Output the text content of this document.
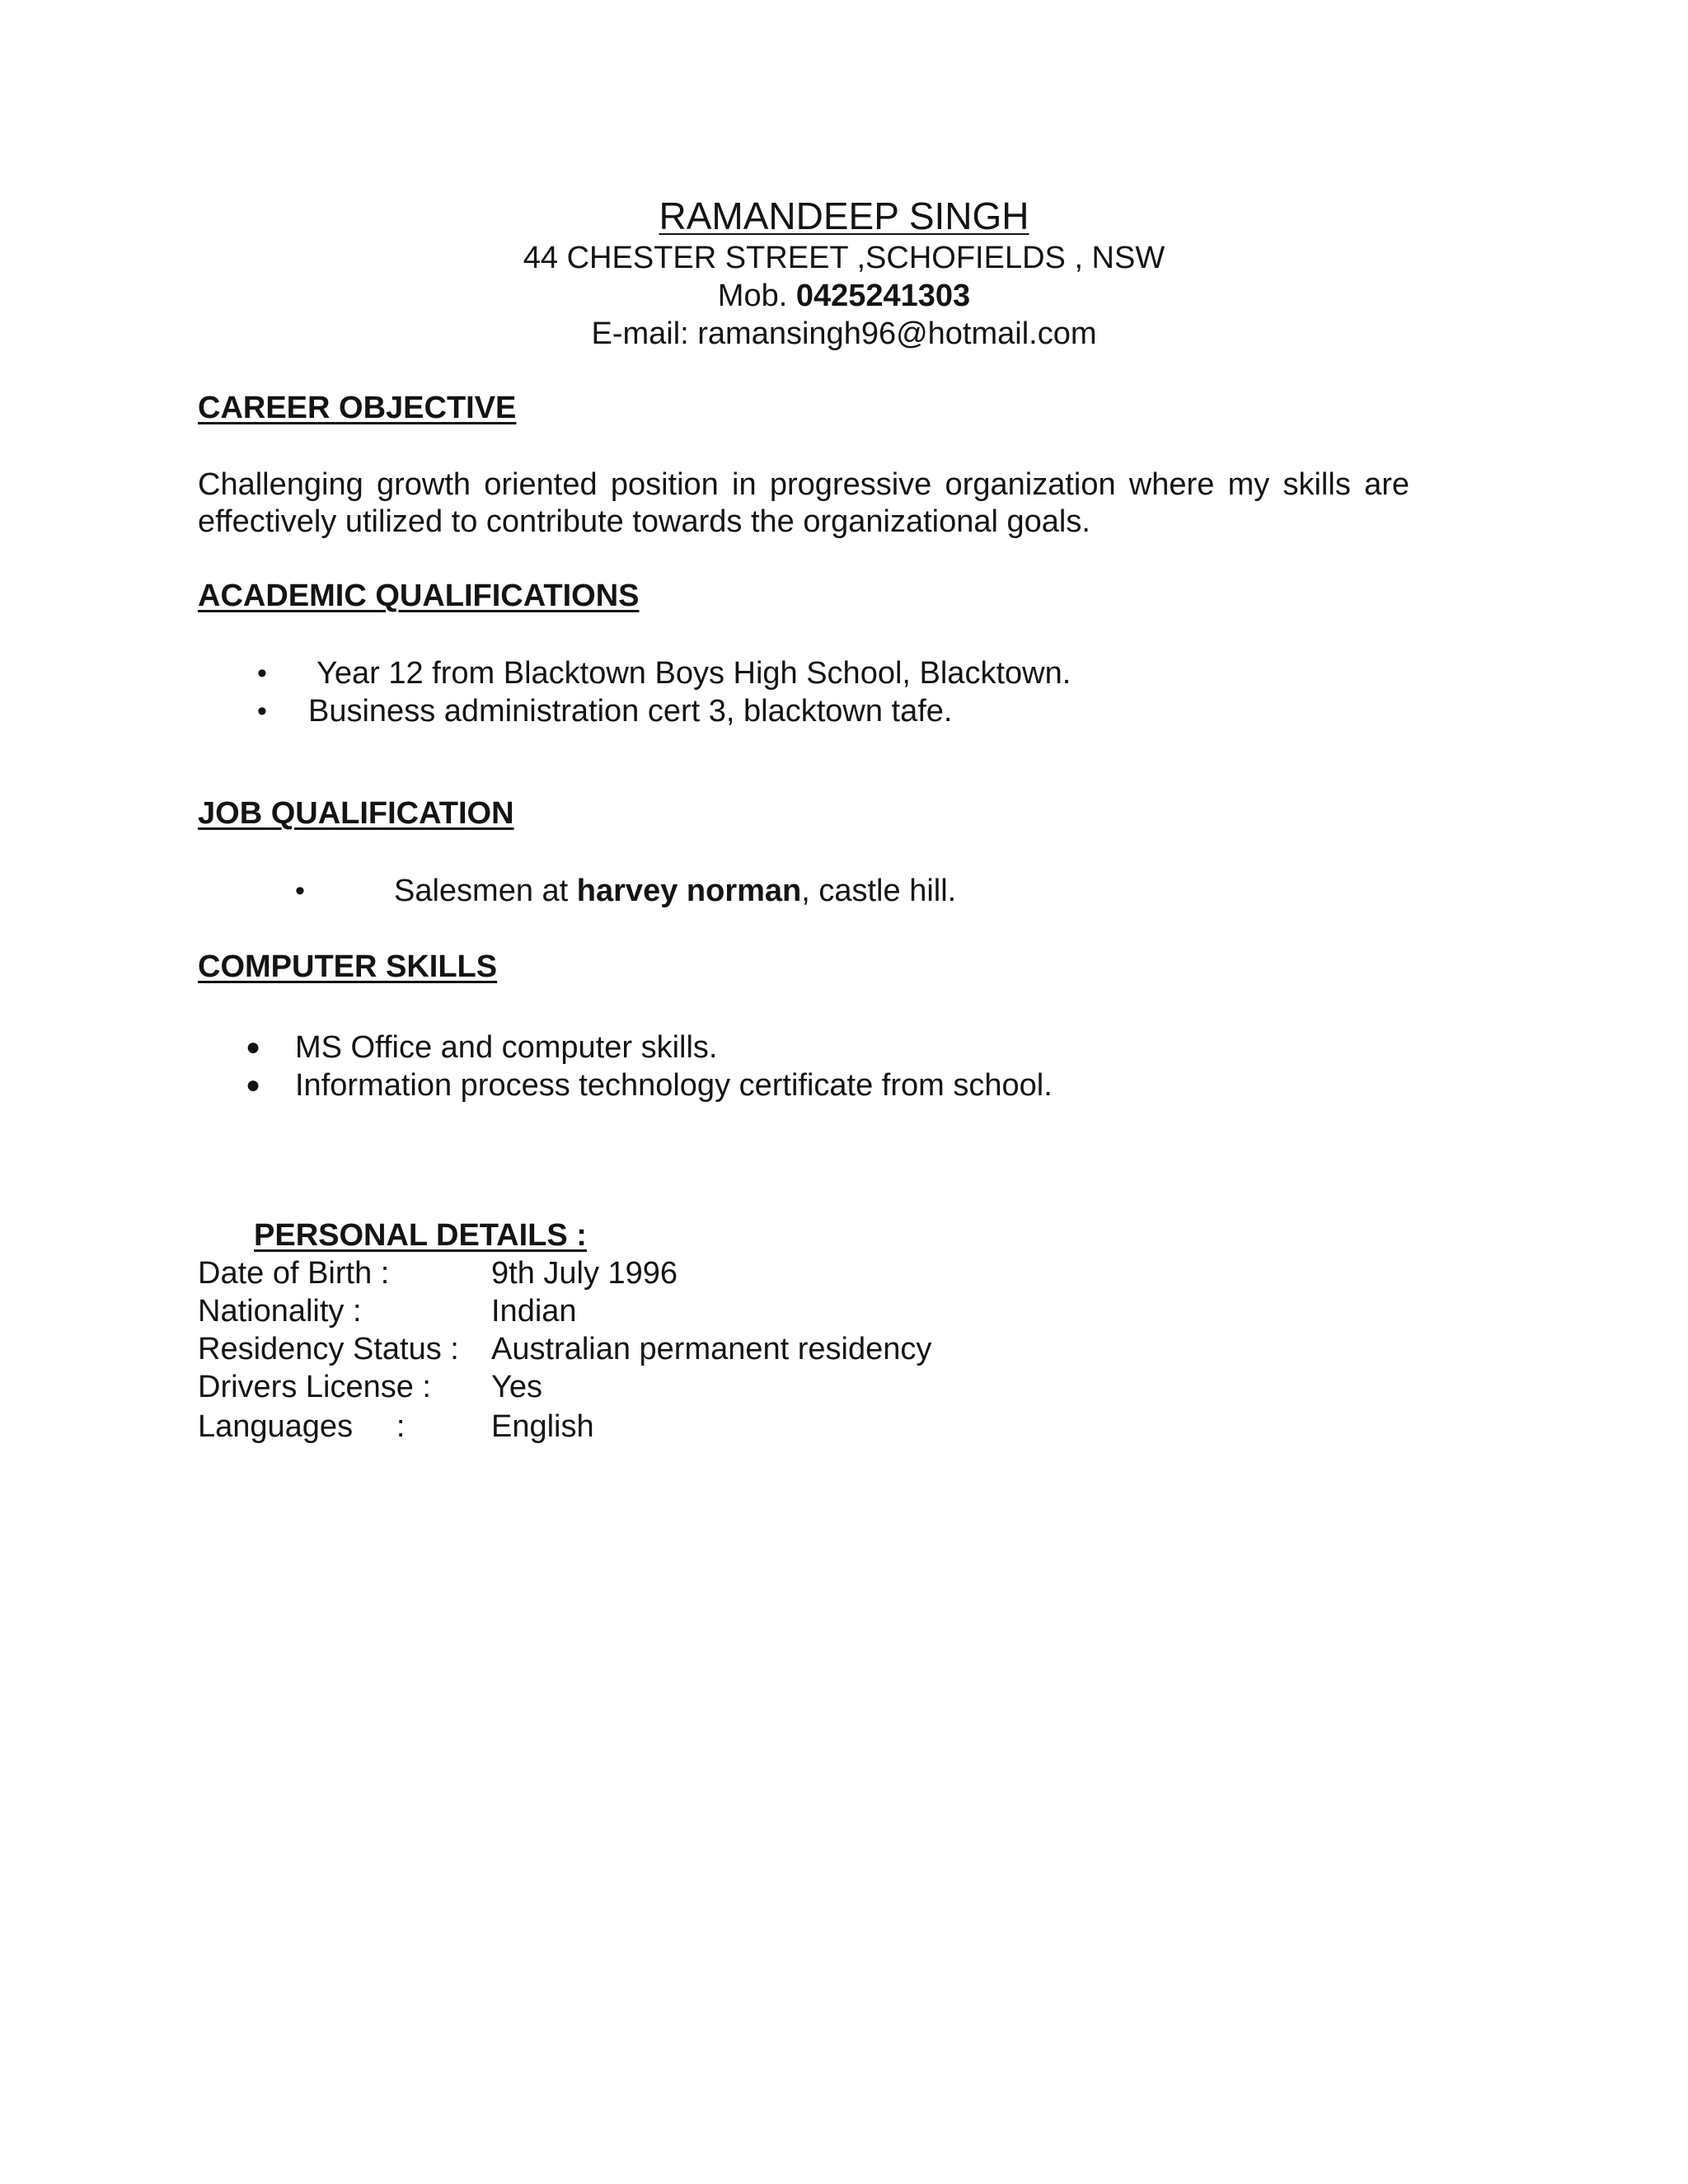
RAMANDEEP SINGH
44 CHESTER STREET ,SCHOFIELDS , NSW
Mob. 0425241303
E-mail: ramansingh96@hotmail.com
CAREER OBJECTIVE
Challenging growth oriented position in progressive organization where my skills are
effectively utilized to contribute towards the organizational goals.
ACADEMIC QUALIFICATIONS
• Year 12 from Blacktown Boys High School, Blacktown.
• Business administration cert 3, blacktown tafe.
JOB QUALIFICATION
•	Salesmen at harvey norman, castle hill.
COMPUTER SKILLS
● MS Office and computer skills.
● Information process technology certificate from school.
PERSONAL DETAILS :
Date of Birth :	9th July 1996
Nationality :	Indian
Residency Status : Australian permanent residency
Drivers License : Yes
Languages     :	English
